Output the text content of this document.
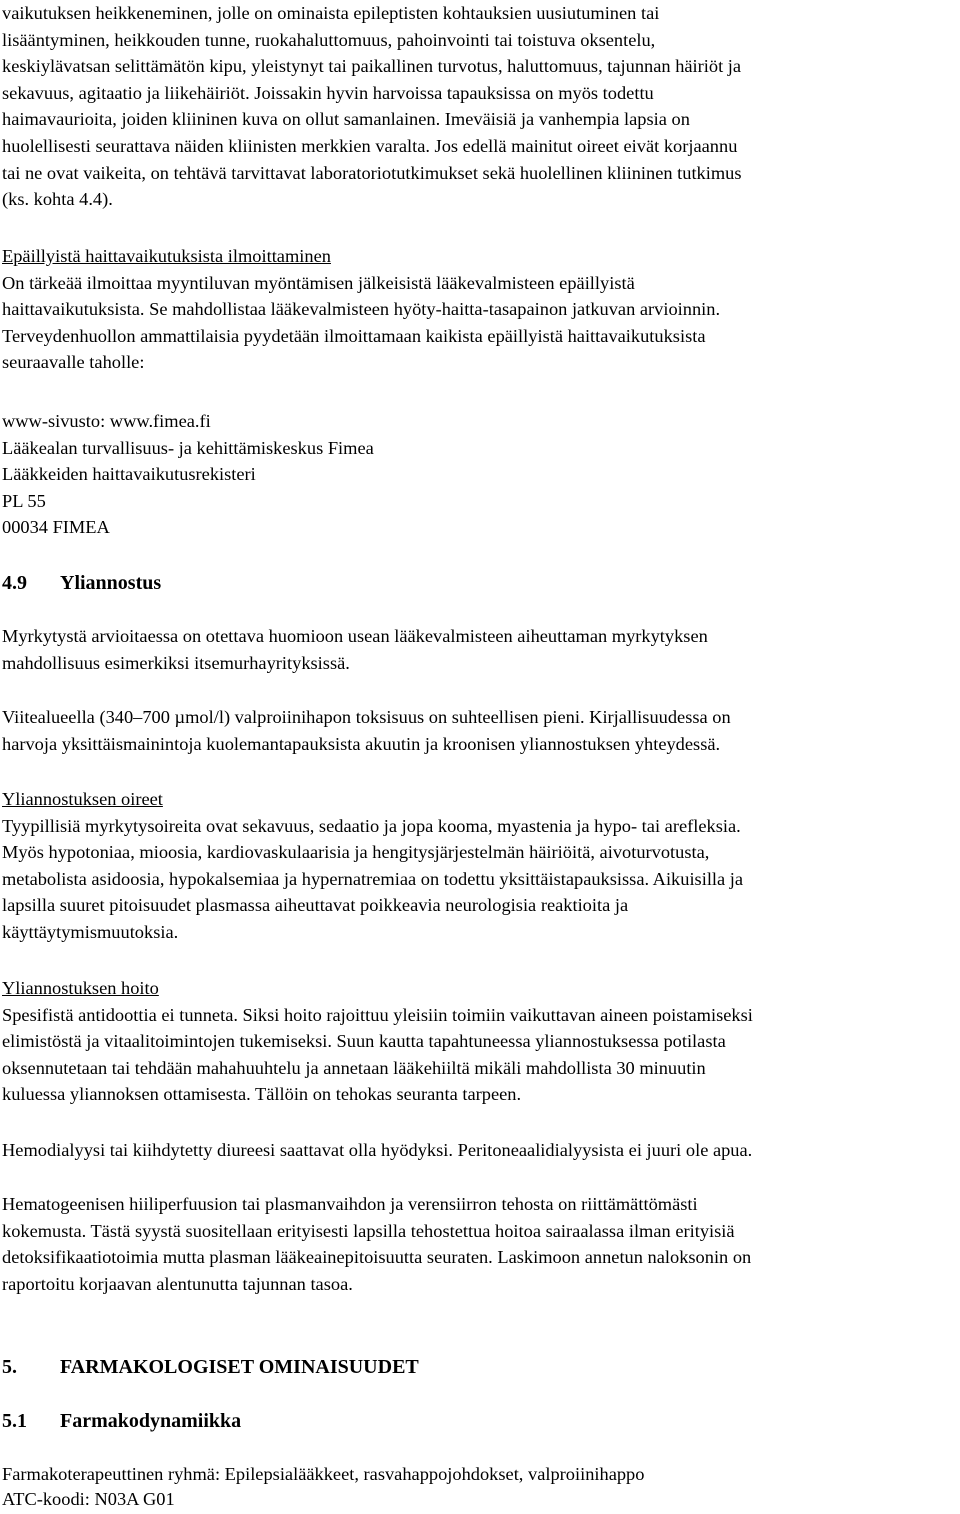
vaikutuksen heikkeneminen, jolle on ominaista epileptisten kohtauksien uusiutuminen tai
lisääntyminen, heikkouden tunne, ruokahaluttomuus, pahoinvointi tai toistuva oksentelu,
keskiylävatsan selittämätön kipu, yleistynyt tai paikallinen turvotus, haluttomuus, tajunnan häiriöt ja
sekavuus, agitaatio ja liikehäiriöt. Joissakin hyvin harvoissa tapauksissa on myös todettu
haimavaurioita, joiden kliininen kuva on ollut samanlainen. Imeväisiä ja vanhempia lapsia on
huolellisesti seurattava näiden kliinisten merkkien varalta. Jos edellä mainitut oireet eivät korjaannu
tai ne ovat vaikeita, on tehtävä tarvittavat laboratoriotutkimukset sekä huolellinen kliininen tutkimus
(ks. kohta 4.4).

Epäillyistä haittavaikutuksista ilmoittaminen
On tärkeää ilmoittaa myyntiluvan myöntämisen jälkeisistä lääkevalmisteen epäillyistä
haittavaikutuksista. Se mahdollistaa lääkevalmisteen hyöty-haitta-tasapainon jatkuvan arvioinnin.
Terveydenhuollon ammattilaisia pyydetään ilmoittamaan kaikista epäillyistä haittavaikutuksista
seuraavalle taholle:

www-sivusto: www.fimea.fi
Lääkealan turvallisuus- ja kehittämiskeskus Fimea
Lääkkeiden haittavaikutusrekisteri
PL 55
00034 FIMEA

4.9 Yliannostus

Myrkytystä arvioitaessa on otettava huomioon usean lääkevalmisteen aiheuttaman myrkytyksen
mahdollisuus esimerkiksi itsemurhayrityksissä.

Viitealueella (340–700 µmol/l) valproiinihapon toksisuus on suhteellisen pieni. Kirjallisuudessa on
harvoja yksittäismainintoja kuolemantapauksista akuutin ja kroonisen yliannostuksen yhteydessä.

Yliannostuksen oireet
Tyypillisiä myrkytysoireita ovat sekavuus, sedaatio ja jopa kooma, myastenia ja hypo- tai arefleksia.
Myös hypotoniaa, mioosia, kardiovaskulaarisia ja hengitysjärjestelmän häiriöitä, aivoturvotusta,
metabolista asidoosia, hypokalsemiaa ja hypernatremiaa on todettu yksittäistapauksissa. Aikuisilla ja
lapsilla suuret pitoisuudet plasmassa aiheuttavat poikkeavia neurologisia reaktioita ja
käyttäytymismuutoksia.

Yliannostuksen hoito
Spesifistä antidoottia ei tunneta. Siksi hoito rajoittuu yleisiin toimiin vaikuttavan aineen poistamiseksi
elimistöstä ja vitaalitoimintojen tukemiseksi. Suun kautta tapahtuneessa yliannostuksessa potilasta
oksennutetaan tai tehdään mahahuuhtelu ja annetaan lääkehiiltä mikäli mahdollista 30 minuutin
kuluessa yliannoksen ottamisesta. Tällöin on tehokas seuranta tarpeen.

Hemodialyysi tai kiihdytetty diureesi saattavat olla hyödyksi. Peritoneaalidialyysista ei juuri ole apua.

Hematogeenisen hiiliperfuusion tai plasmanvaihdon ja verensiirron tehosta on riittämättömästi
kokemusta. Tästä syystä suositellaan erityisesti lapsilla tehostettua hoitoa sairaalassa ilman erityisiä
detoksifikaatiotoimia mutta plasman lääkeainepitoisuutta seuraten. Laskimoon annetun naloksonin on
raportoitu korjaavan alentunutta tajunnan tasoa.

5. FARMAKOLOGISET OMINAISUUDET
5.1 Farmakodynamiikka

Farmakoterapeuttinen ryhmä: Epilepsialääkkeet, rasvahappojohdokset, valproiinihappo
ATC-koodi: N03A G01
